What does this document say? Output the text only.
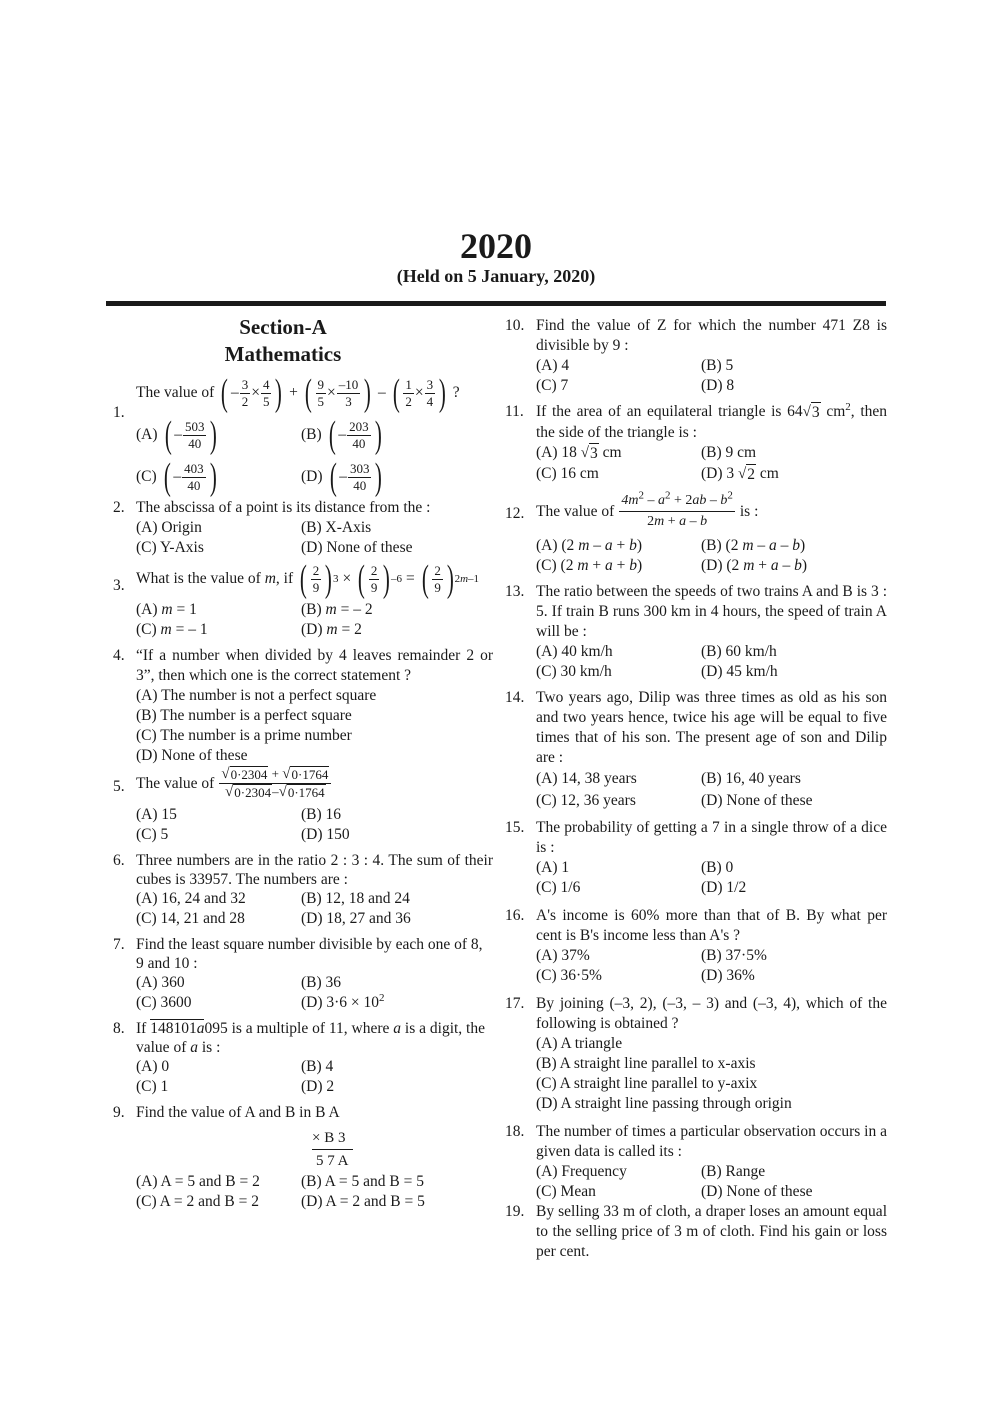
2020
(Held on 5 January, 2020)
Section-A
Mathematics
1.
The value of ( – $\frac{3}{2} \times \frac{4}{5}$ ) + ( $\frac{9}{5} \times \frac{-10}{3}$ ) – ( $\frac{1}{2} \times \frac{3}{4}$ ) ?
(A) ( – $\frac{503}{40}$ )	(B) ( – $\frac{203}{40}$ )
(C) ( – $\frac{403}{40}$ )	(D) ( – $\frac{303}{40}$ )
2. The abscissa of a point is its distance from the :
(A) Origin	(B) X-Axis
(C) Y-Axis	(D) None of these
3. What is the value of m, if ( $\frac{2}{9}$ ) 3 × ( $\frac{2}{9}$ ) –6 = ( $\frac{2}{9}$ ) 2m–1
(A) m = 1	(B) m = – 2
(C) m = – 1	(D) m = 2
4. “If a number when divided by 4 leaves remainder 2 or 3”, then which one is the correct statement ?
(A) The number is not a perfect square
(B) The number is a perfect square
(C) The number is a prime number
(D) None of these
5. The value of $\frac{√ 0\cdot 2304 + √ 0\cdot 1764}{√ 0\cdot 2304 - √ 0\cdot 1764}$
(A) 15	(B) 16
(C) 5	(D) 150
6. Three numbers are in the ratio 2 : 3 : 4. The sum of their cubes is 33957. The numbers are :
(A) 16, 24 and 32	(B) 12, 18 and 24
(C) 14, 21 and 28	(D) 18, 27 and 36
7. Find the least square number divisible by each one of 8, 9 and 10 :
(A) 360	(B) 36
(C) 3600	(D) $3\cdot 6 \times 10^2$
8. If 148101a095 is a multiple of 11, where a is a digit, the value of a is :
(A) 0	(B) 4
(C) 1	(D) 2
9. Find the value of A and B in B A
× B 3
5 7 A
(A) A = 5 and B = 2	(B) A = 5 and B = 5
(C) A = 2 and B = 2	(D) A = 2 and B = 5
10. Find the value of Z for which the number 471 Z8 is divisible by 9 :
(A) 4	(B) 5
(C) 7	(D) 8
11. If the area of an equilateral triangle is 64 √ 3 $cm^2$, then the side of the triangle is :
(A) 18 √ 3 cm	(B) 9 cm
(C) 16 cm	(D) 3 √ 2 cm
12. The value of $\frac{4m^2 - a^2 + 2ab - b^2}{2m + a - b}$ is :
(A) (2 m – a + b)	(B) (2 m – a – b)
(C) (2 m + a + b)	(D) (2 m + a – b)
13. The ratio between the speeds of two trains A and B is 3 : 5. If train B runs 300 km in 4 hours, the speed of train A will be :
(A) 40 km/h	(B) 60 km/h
(C) 30 km/h	(D) 45 km/h
14. Two years ago, Dilip was three times as old as his son and two years hence, twice his age will be equal to five times that of his son. The present age of son and Dilip are :
(A) 14, 38 years	(B) 16, 40 years
(C) 12, 36 years	(D) None of these
15. The probability of getting a 7 in a single throw of a dice is :
(A) 1	(B) 0
(C) 1/6	(D) 1/2
16. A's income is 60% more than that of B. By what per cent is B's income less than A's ?
(A) 37%	(B) 37·5%
(C) 36·5%	(D) 36%
17. By joining (–3, 2), (–3, – 3) and (–3, 4), which of the following is obtained ?
(A) A triangle
(B) A straight line parallel to x-axis
(C) A straight line parallel to y-axix
(D) A straight line passing through origin
18. The number of times a particular observation occurs in a given data is called its :
(A) Frequency	(B) Range
(C) Mean	(D) None of these
19. By selling 33 m of cloth, a draper loses an amount equal to the selling price of 3 m of cloth. Find his gain or loss per cent.
